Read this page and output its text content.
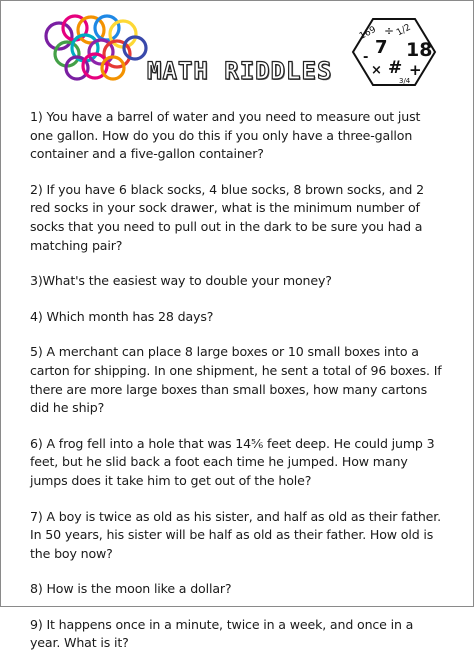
MATH RIDDLES
169 ÷ 1/2
7 18
-
× # +
3/4

1) You have a barrel of water and you need to measure out just one gallon. How do you do this if you only have a three-gallon container and a five-gallon container?

2) If you have 6 black socks, 4 blue socks, 8 brown socks, and 2 red socks in your sock drawer, what is the minimum number of socks that you need to pull out in the dark to be sure you had a matching pair?

3)What's the easiest way to double your money?

4) Which month has 28 days?

5) A merchant can place 8 large boxes or 10 small boxes into a carton for shipping. In one shipment, he sent a total of 96 boxes. If there are more large boxes than small boxes, how many cartons did he ship?

6) A frog fell into a hole that was 14⅚ feet deep. He could jump 3 feet, but he slid back a foot each time he jumped. How many jumps does it take him to get out of the hole?

7) A boy is twice as old as his sister, and half as old as their father. In 50 years, his sister will be half as old as their father. How old is the boy now?

8) How is the moon like a dollar?

9) It happens once in a minute, twice in a week, and once in a year. What is it?
